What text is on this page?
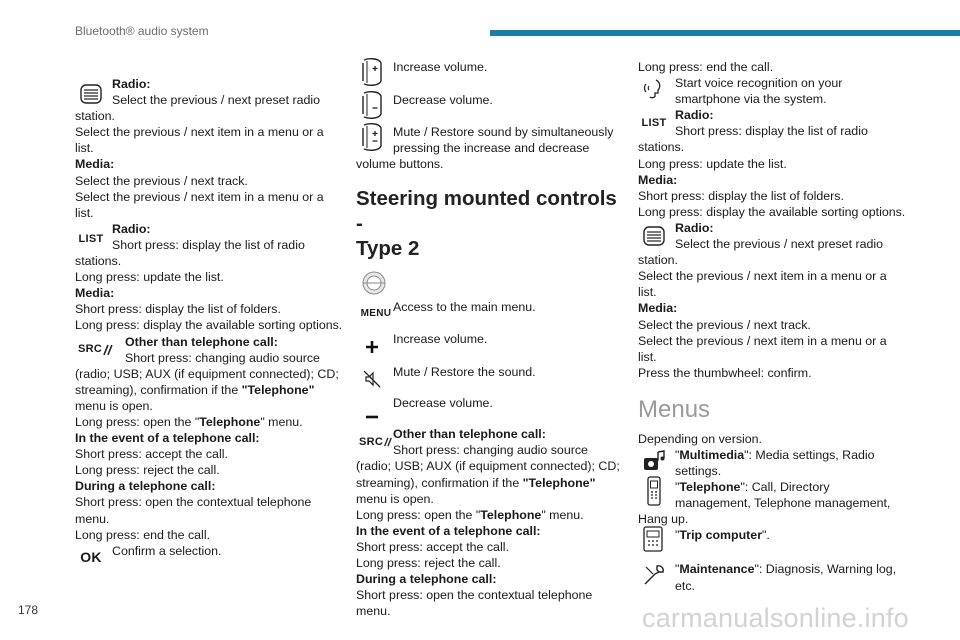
Bluetooth® audio system

Radio:

Select the previous / next preset radio

station.

Select the previous / next item in a menu or a

list.

Media:

Select the previous / next track.

Select the previous / next item in a menu or a

list.

LIST

Radio:

Short press: display the list of radio

stations.

Long press: update the list.

Media:

Short press: display the list of folders.

Long press: display the available sorting options.

SRC

Other than telephone call:

Short press: changing audio source

(radio; USB; AUX (if equipment connected); CD;

streaming), confirmation if the "Telephone"

menu is open.

Long press: open the "Telephone" menu.

In the event of a telephone call:

Short press: accept the call.

Long press: reject the call.

During a telephone call:

Short press: open the contextual telephone

menu.

Long press: end the call.

OK Confirm a selection.

Increase volume.

Decrease volume.

Mute / Restore sound by simultaneously

pressing the increase and decrease

volume buttons.

Steering mounted controls -
Type 2
MENU Access to the main menu.

Increase volume.

Mute / Restore the sound.

Decrease volume.

SRC

Other than telephone call:

Short press: changing audio source

(radio; USB; AUX (if equipment connected); CD;

streaming), confirmation if the "Telephone"

menu is open.

Long press: open the "Telephone" menu.

In the event of a telephone call:

Short press: accept the call.

Long press: reject the call.

During a telephone call:

Short press: open the contextual telephone

menu.

Long press: end the call.

Start voice recognition on your

smartphone via the system.

LIST

Radio:

Short press: display the list of radio

stations.

Long press: update the list.

Media:

Short press: display the list of folders.

Long press: display the available sorting options.

Radio:

Select the previous / next preset radio

station.

Select the previous / next item in a menu or a

list.

Media:

Select the previous / next track.

Select the previous / next item in a menu or a

list.

Press the thumbwheel: confirm.

Menus

Depending on version.

"Multimedia": Media settings, Radio

settings.

"Telephone": Call, Directory

management, Telephone management,

Hang up.

"Trip computer".

"Maintenance": Diagnosis, Warning log,

etc.

178	carmanualsonline.info
